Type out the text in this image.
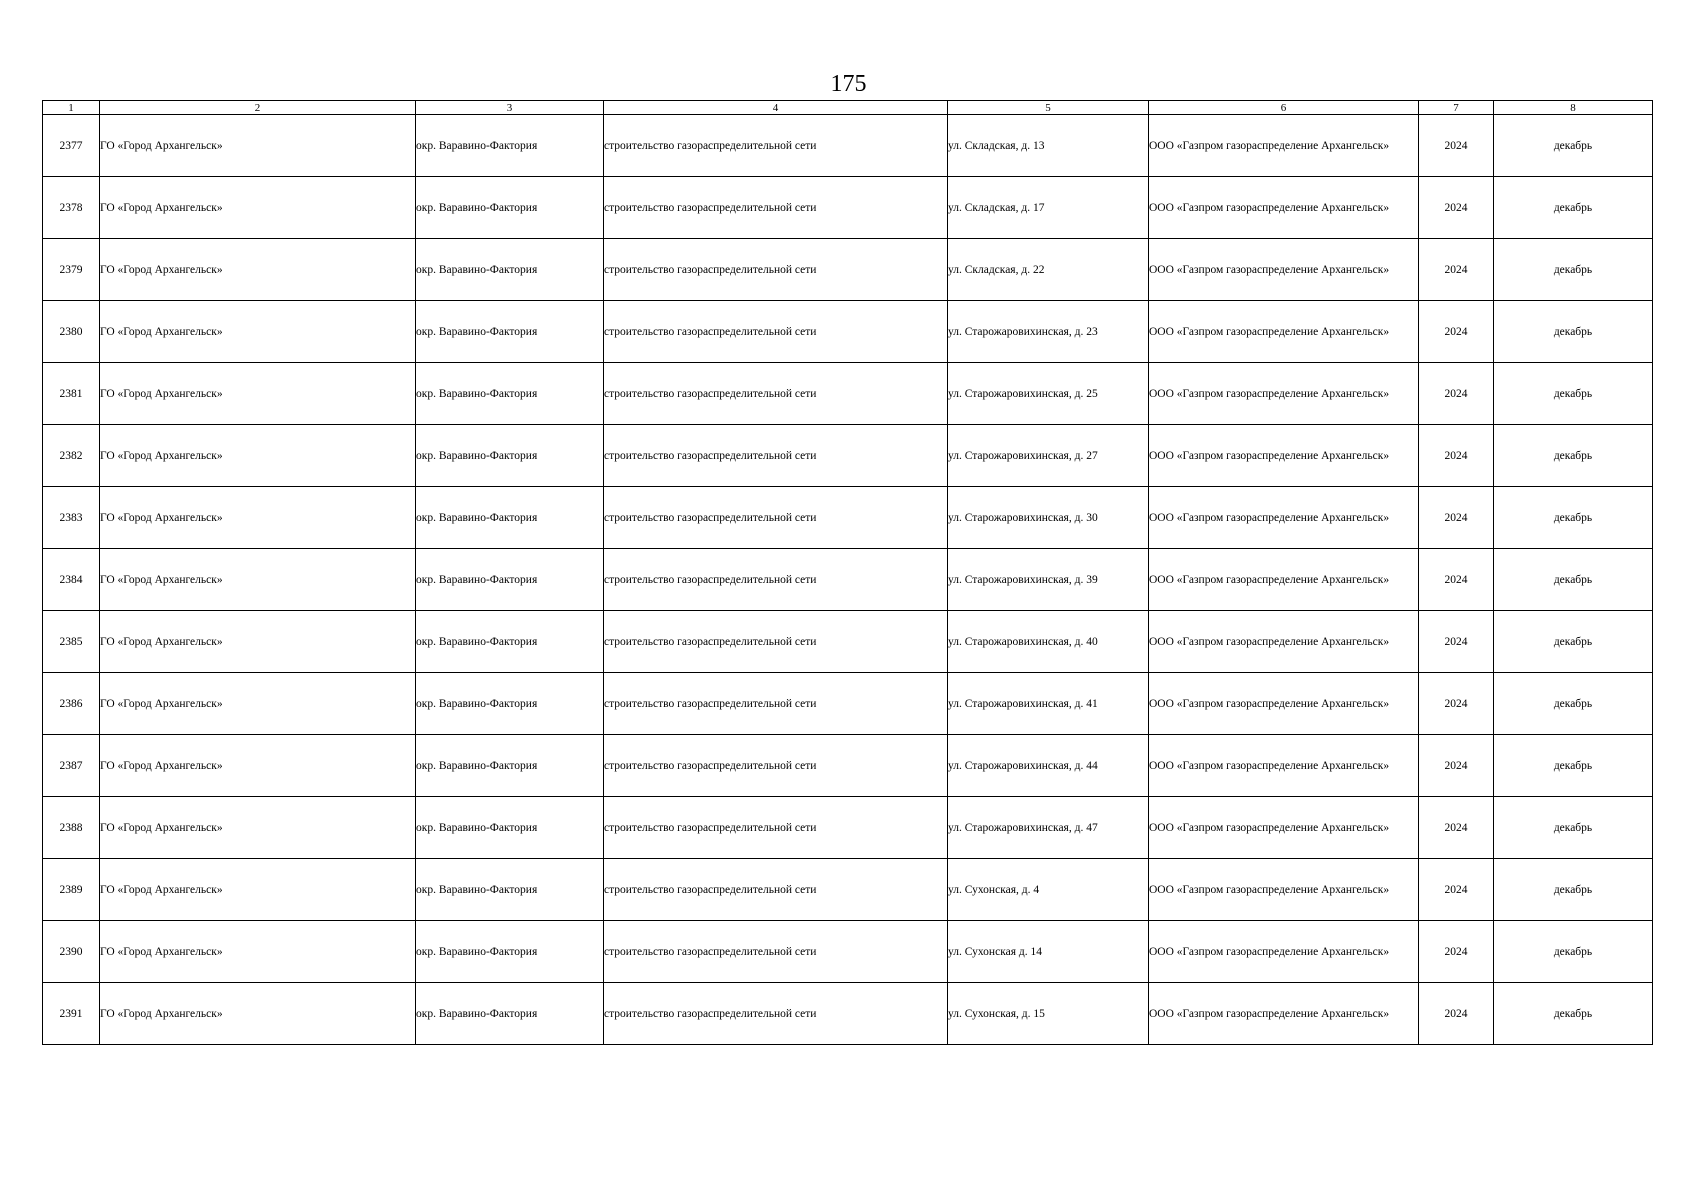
175
1	2	3	4	5	6	7	8
2377	ГО «Город Архангельск»	окр. Варавино-Фактория	строительство газораспределительной сети	ул. Складская, д. 13	ООО «Газпром газораспределение Архангельск»	2024	декабрь
2378	ГО «Город Архангельск»	окр. Варавино-Фактория	строительство газораспределительной сети	ул. Складская, д. 17	ООО «Газпром газораспределение Архангельск»	2024	декабрь
2379	ГО «Город Архангельск»	окр. Варавино-Фактория	строительство газораспределительной сети	ул. Складская, д. 22	ООО «Газпром газораспределение Архангельск»	2024	декабрь
2380	ГО «Город Архангельск»	окр. Варавино-Фактория	строительство газораспределительной сети	ул. Старожаровихинская, д. 23	ООО «Газпром газораспределение Архангельск»	2024	декабрь
2381	ГО «Город Архангельск»	окр. Варавино-Фактория	строительство газораспределительной сети	ул. Старожаровихинская, д. 25	ООО «Газпром газораспределение Архангельск»	2024	декабрь
2382	ГО «Город Архангельск»	окр. Варавино-Фактория	строительство газораспределительной сети	ул. Старожаровихинская, д. 27	ООО «Газпром газораспределение Архангельск»	2024	декабрь
2383	ГО «Город Архангельск»	окр. Варавино-Фактория	строительство газораспределительной сети	ул. Старожаровихинская, д. 30	ООО «Газпром газораспределение Архангельск»	2024	декабрь
2384	ГО «Город Архангельск»	окр. Варавино-Фактория	строительство газораспределительной сети	ул. Старожаровихинская, д. 39	ООО «Газпром газораспределение Архангельск»	2024	декабрь
2385	ГО «Город Архангельск»	окр. Варавино-Фактория	строительство газораспределительной сети	ул. Старожаровихинская, д. 40	ООО «Газпром газораспределение Архангельск»	2024	декабрь
2386	ГО «Город Архангельск»	окр. Варавино-Фактория	строительство газораспределительной сети	ул. Старожаровихинская, д. 41	ООО «Газпром газораспределение Архангельск»	2024	декабрь
2387	ГО «Город Архангельск»	окр. Варавино-Фактория	строительство газораспределительной сети	ул. Старожаровихинская, д. 44	ООО «Газпром газораспределение Архангельск»	2024	декабрь
2388	ГО «Город Архангельск»	окр. Варавино-Фактория	строительство газораспределительной сети	ул. Старожаровихинская, д. 47	ООО «Газпром газораспределение Архангельск»	2024	декабрь
2389	ГО «Город Архангельск»	окр. Варавино-Фактория	строительство газораспределительной сети	ул. Сухонская, д. 4	ООО «Газпром газораспределение Архангельск»	2024	декабрь
2390	ГО «Город Архангельск»	окр. Варавино-Фактория	строительство газораспределительной сети	ул. Сухонская д. 14	ООО «Газпром газораспределение Архангельск»	2024	декабрь
2391	ГО «Город Архангельск»	окр. Варавино-Фактория	строительство газораспределительной сети	ул. Сухонская, д. 15	ООО «Газпром газораспределение Архангельск»	2024	декабрь
